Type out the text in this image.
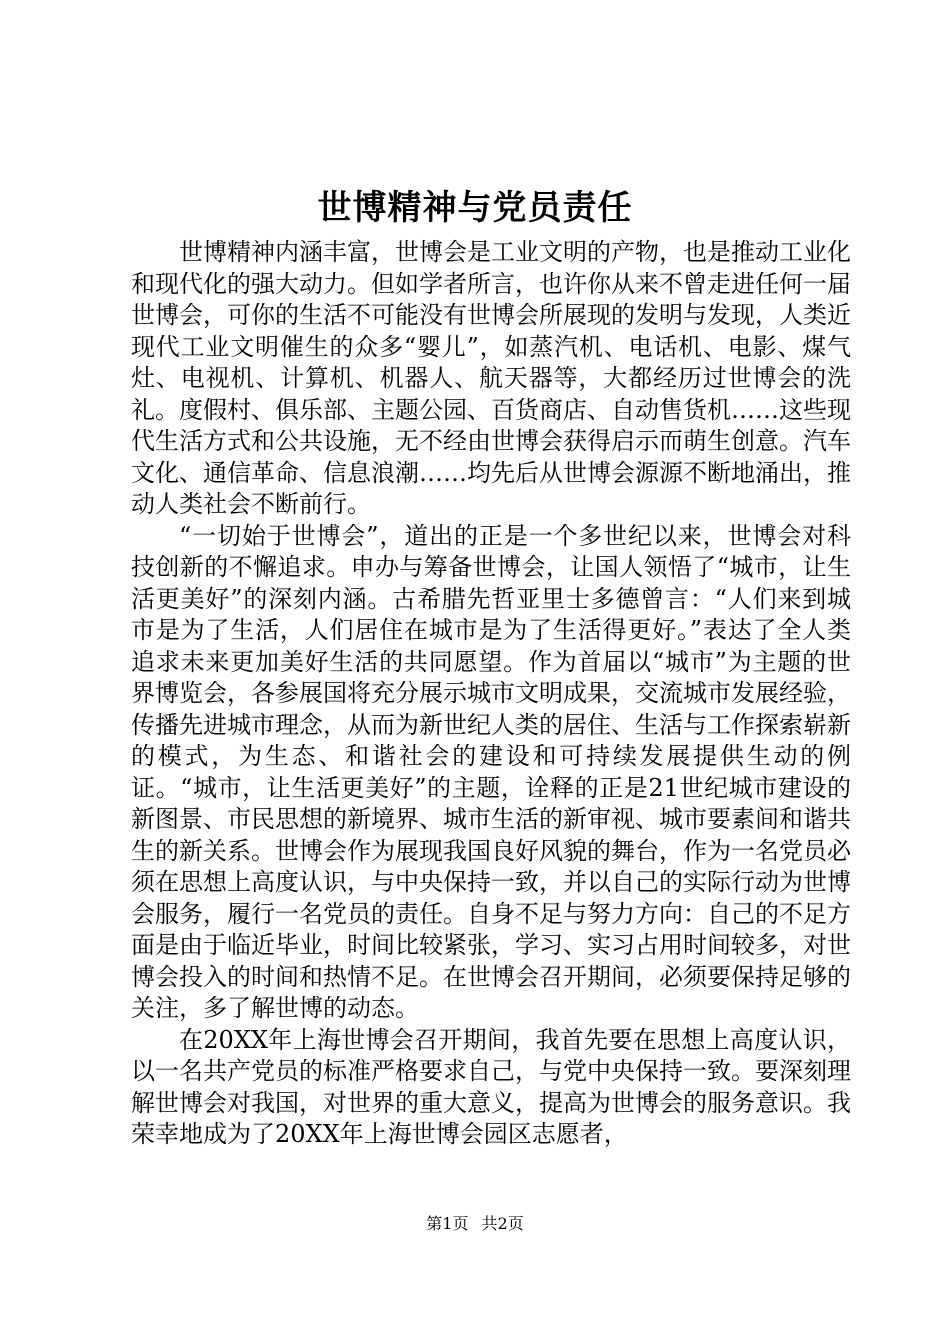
世博精神与党员责任

世博精神内涵丰富，世博会是工业文明的产物，也是推动工业化和现代化的强大动力。但如学者所言，也许你从来不曾走进任何一届世博会，可你的生活不可能没有世博会所展现的发明与发现，人类近现代工业文明催生的众多“婴儿”，如蒸汽机、电话机、电影、煤气灶、电视机、计算机、机器人、航天器等，大都经历过世博会的洗礼。度假村、俱乐部、主题公园、百货商店、自动售货机……这些现代生活方式和公共设施，无不经由世博会获得启示而萌生创意。汽车文化、通信革命、信息浪潮……均先后从世博会源源不断地涌出，推动人类社会不断前行。

“一切始于世博会”，道出的正是一个多世纪以来，世博会对科技创新的不懈追求。申办与筹备世博会，让国人领悟了“城市，让生活更美好”的深刻内涵。古希腊先哲亚里士多德曾言：“人们来到城市是为了生活，人们居住在城市是为了生活得更好。”表达了全人类追求未来更加美好生活的共同愿望。作为首届以“城市”为主题的世界博览会，各参展国将充分展示城市文明成果，交流城市发展经验，传播先进城市理念，从而为新世纪人类的居住、生活与工作探索崭新的模式，为生态、和谐社会的建设和可持续发展提供生动的例证。“城市，让生活更美好”的主题，诠释的正是21世纪城市建设的新图景、市民思想的新境界、城市生活的新审视、城市要素间和谐共生的新关系。世博会作为展现我国良好风貌的舞台，作为一名党员必须在思想上高度认识，与中央保持一致，并以自己的实际行动为世博会服务，履行一名党员的责任。自身不足与努力方向：自己的不足方面是由于临近毕业，时间比较紧张，学习、实习占用时间较多，对世博会投入的时间和热情不足。在世博会召开期间，必须要保持足够的关注，多了解世博的动态。

在20XX年上海世博会召开期间，我首先要在思想上高度认识，以一名共产党员的标准严格要求自己，与党中央保持一致。要深刻理解世博会对我国，对世界的重大意义，提高为世博会的服务意识。我荣幸地成为了20XX年上海世博会园区志愿者，

第1页 共2页
